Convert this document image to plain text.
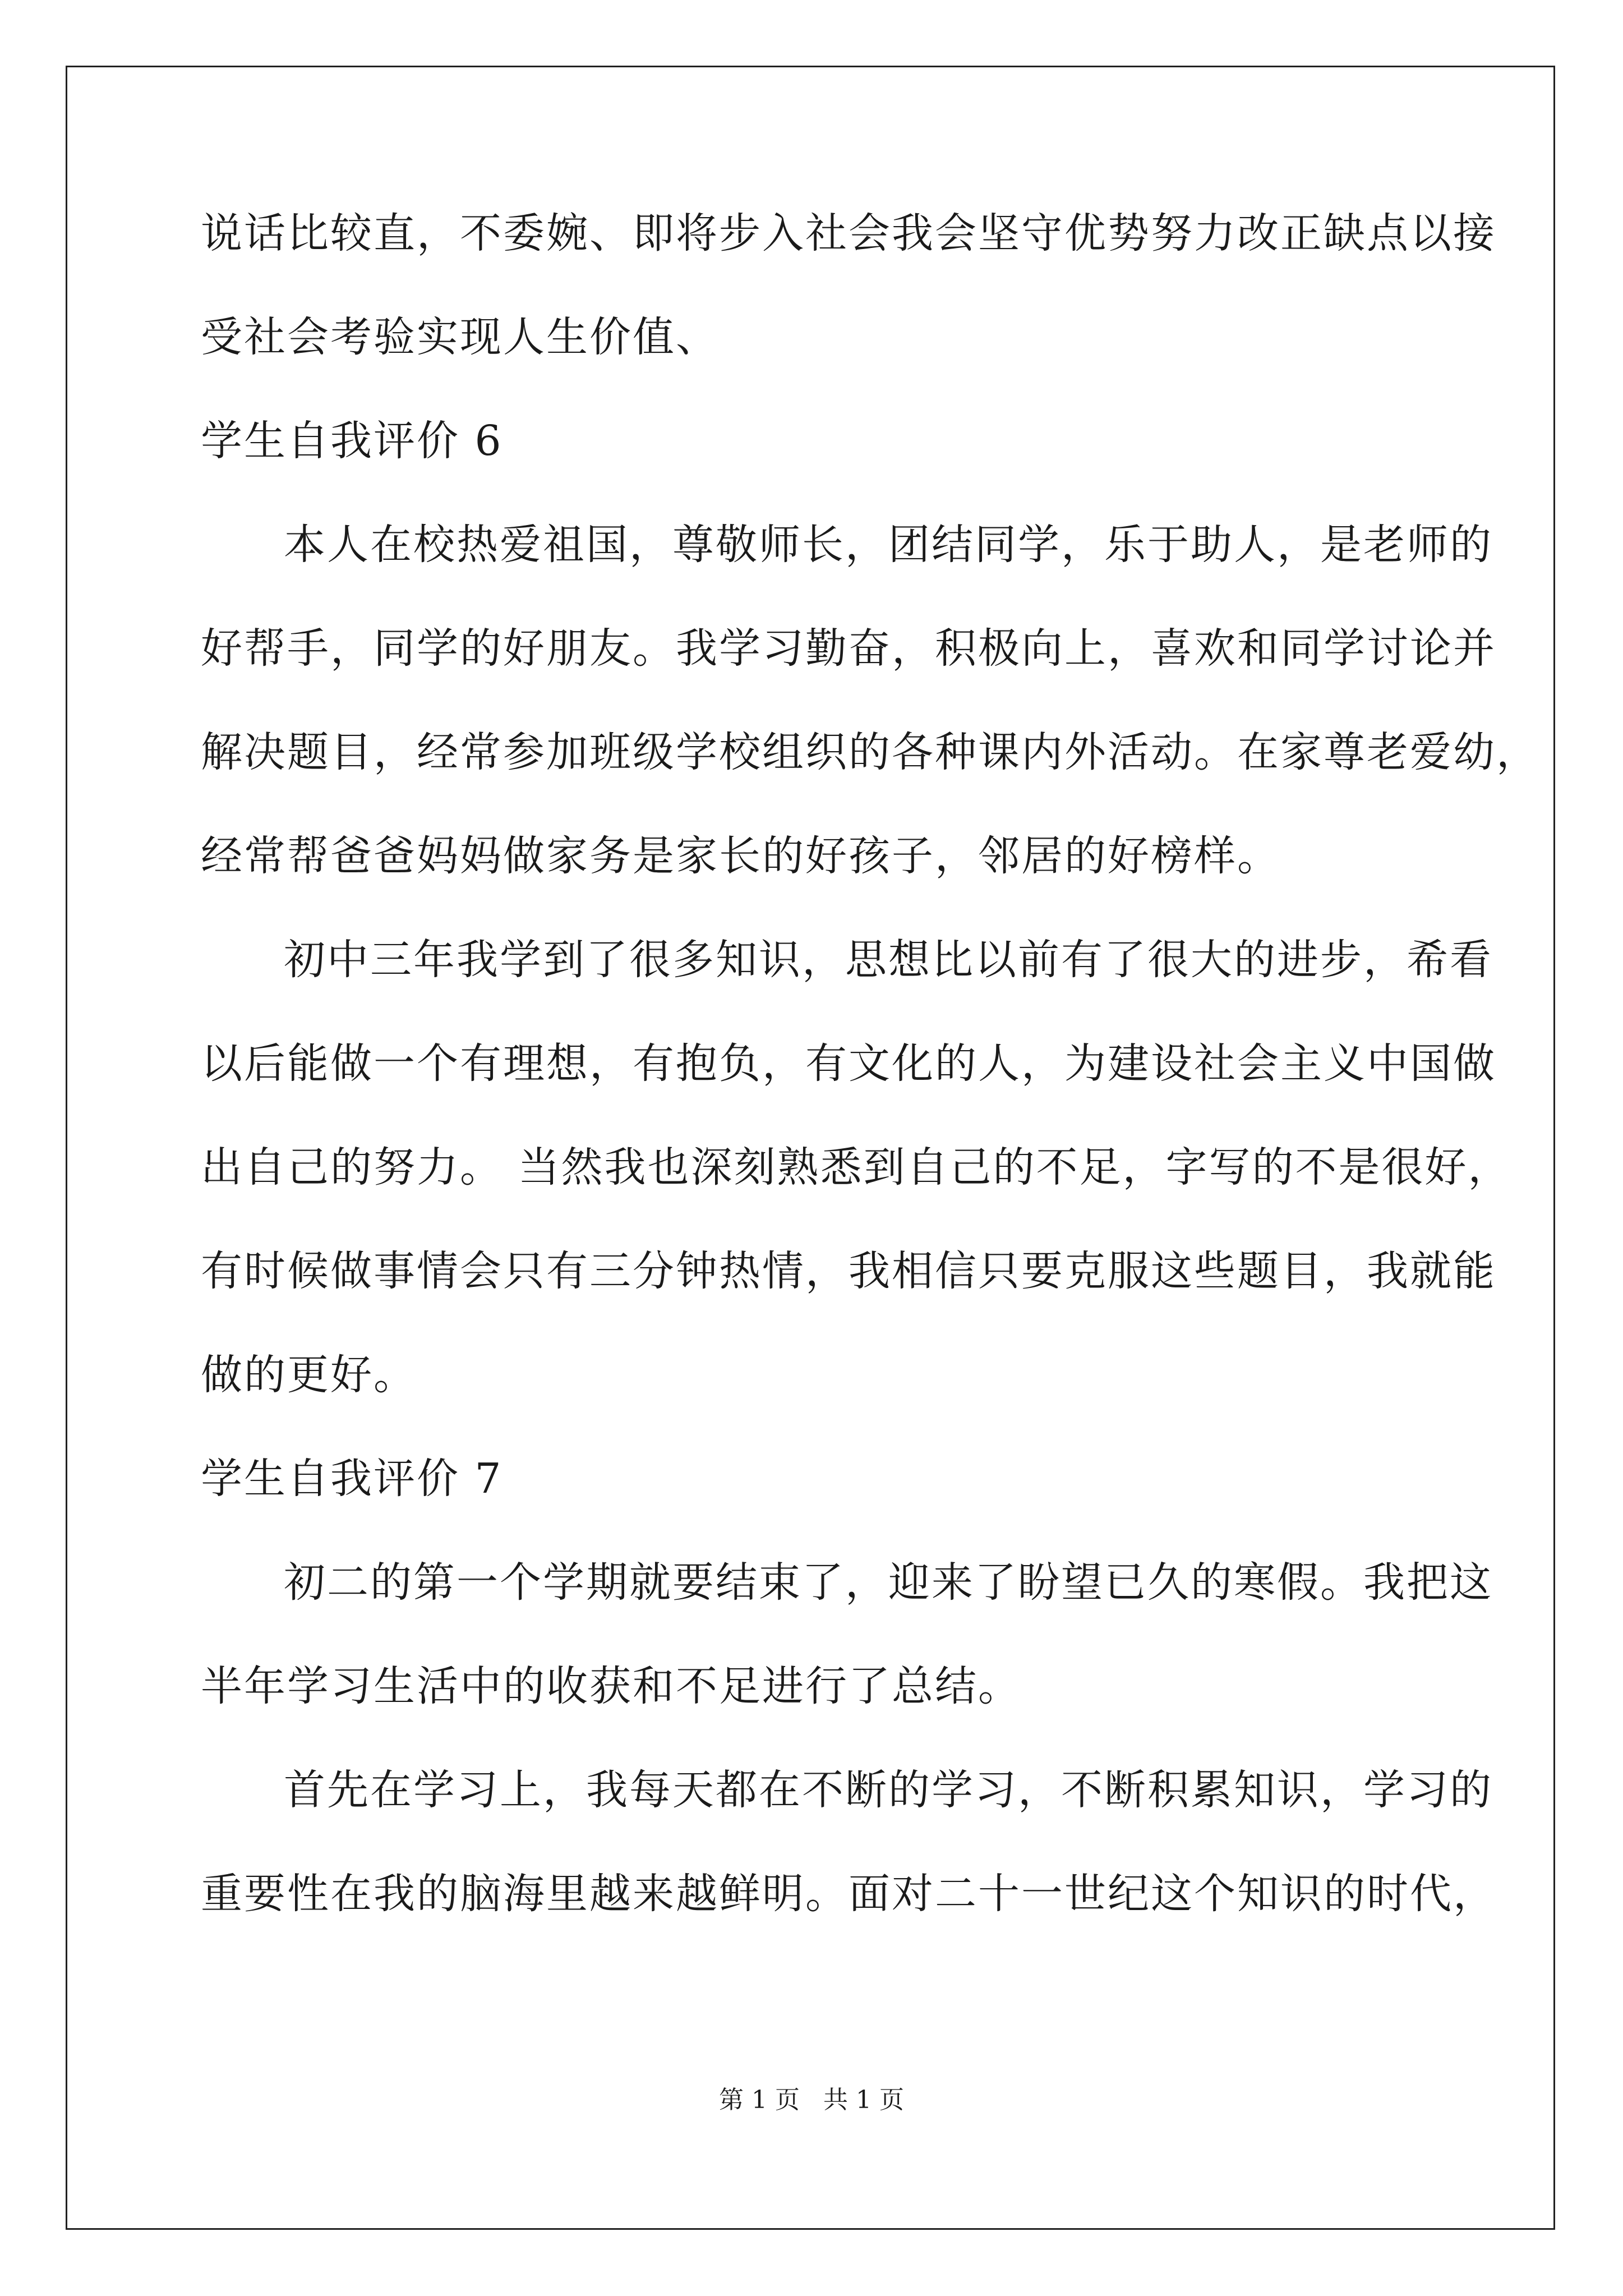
说话比较直，不委婉、即将步入社会我会坚守优势努力改正缺点以接

受社会考验实现人生价值、

学生自我评价 6

本人在校热爱祖国，尊敬师长，团结同学，乐于助人，是老师的

好帮手，同学的好朋友。我学习勤奋，积极向上，喜欢和同学讨论并

解决题目，经常参加班级学校组织的各种课内外活动。在家尊老爱幼，

经常帮爸爸妈妈做家务是家长的好孩子，邻居的好榜样。

初中三年我学到了很多知识，思想比以前有了很大的进步，希看

以后能做一个有理想，有抱负，有文化的人，为建设社会主义中国做

出自己的努力。 当然我也深刻熟悉到自己的不足，字写的不是很好，

有时候做事情会只有三分钟热情，我相信只要克服这些题目，我就能

做的更好。

学生自我评价 7

初二的第一个学期就要结束了，迎来了盼望已久的寒假。我把这

半年学习生活中的收获和不足进行了总结。

首先在学习上，我每天都在不断的学习，不断积累知识，学习的

重要性在我的脑海里越来越鲜明。面对二十一世纪这个知识的时代，

第 1 页   共 1 页
